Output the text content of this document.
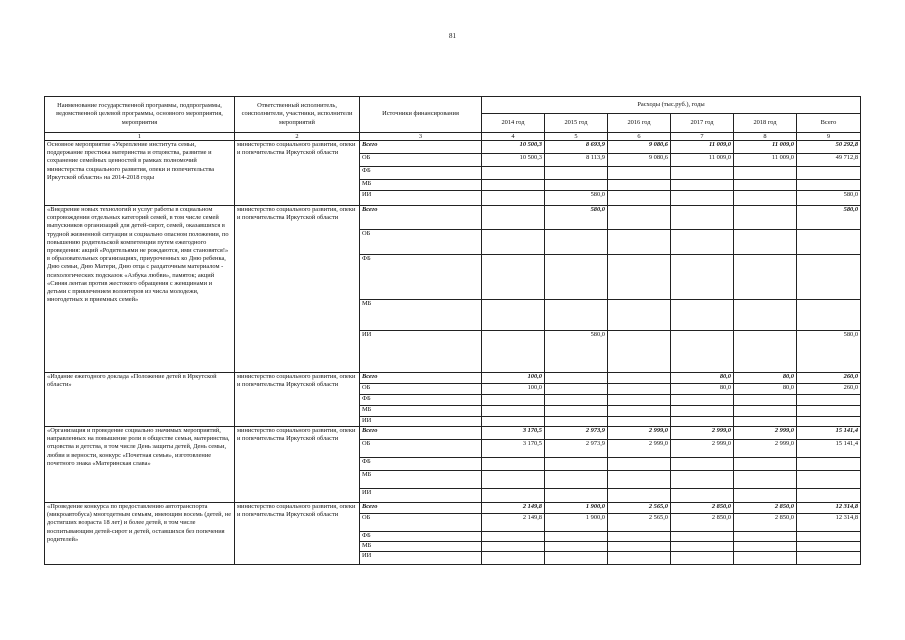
81
Наименование государственной программы, подпрограммы, ведомственной целевой программы, основного мероприятия, мероприятия	Ответственный исполнитель, соисполнители, участники, исполнители мероприятий	Источники финансирования	Расходы (тыс.руб.), годы					
			2014 год	2015 год	2016 год	2017 год	2018 год	Всего
1	2	3	4	5	6	7	8	9
Основное мероприятие «Укрепление института семьи, поддержание престижа материнства и отцовства, развитие и сохранение семейных ценностей в рамках полномочий министерства социального развития, опеки и попечительства Иркутской области» на 2014-2018 годы	министерство социального развития, опеки и попечительства Иркутской области	Всего	10 500,3	8 693,9	9 080,6	11 009,0	11 009,0	50 292,8
		ОБ	10 500,3	8 113,9	9 080,6	11 009,0	11 009,0	49 712,8
		ФБ						
		МБ						
		ИИ		580,0				580,0
«Внедрение новых технологий и услуг работы в социальном сопровождении отдельных категорий семей, в том числе семей выпускников организаций для детей-сирот, семей, оказавшихся в трудной жизненной ситуации и социально опасном положении, по повышению родительской компетенции путем ежегодного проведения: акций «Родительями не рождаются, ими становятся!» в образовательных организациях, приуроченных ко Дню ребенка, Дню семьи, Дню Матери, Дню отца с раздаточным материалом - психологических подсказок «Азбука любви», памяток; акций «Синяя лентая против жестокого обращения с женщинами и детьми с привлечением волонтеров из числа молодежи, многодетных и приемных семей»	министерство социального развития, опеки и попечительства Иркутской области	Всего		580,0				580,0
		ОБ						
		ФБ						
		МБ						
		ИИ		580,0				580,0
«Издание ежегодного доклада «Положение детей в Иркутской области»	министерство социального развития, опеки и попечительства Иркутской области	Всего	100,0			80,0	80,0	260,0
		ОБ	100,0			80,0	80,0	260,0
		ФБ						
		МБ						
		ИИ						
«Организация и проведение социально значимых мероприятий, направленных на повышение роли в обществе семьи, материнства, отцовства и детства, в том числе День защиты детей, День семьи, любви и верности, конкурс «Почетная семья», изготовление почетного знака «Материнская слава»	министерство социального развития, опеки и попечительства Иркутской области	Всего	3 170,5	2 973,9	2 999,0	2 999,0	2 999,0	15 141,4
		ОБ	3 170,5	2 973,9	2 999,0	2 999,0	2 999,0	15 141,4
		ФБ						
		МБ						
		ИИ						
«Проведение конкурса по предоставлению автотранспорта (микроавтобуса) многодетным семьям, имеющим восемь (детей, не достигших возраста 18 лет) и более детей, в том числе воспитывающим детей-сирот и детей, оставшихся без попечения родителей»	министерство социального развития, опеки и попечительства Иркутской области	Всего	2 149,8	1 900,0	2 565,0	2 850,0	2 850,0	12 314,8
		ОБ	2 149,8	1 900,0	2 565,0	2 850,0	2 850,0	12 314,8
		ФБ						
		МБ						
		ИИ						
